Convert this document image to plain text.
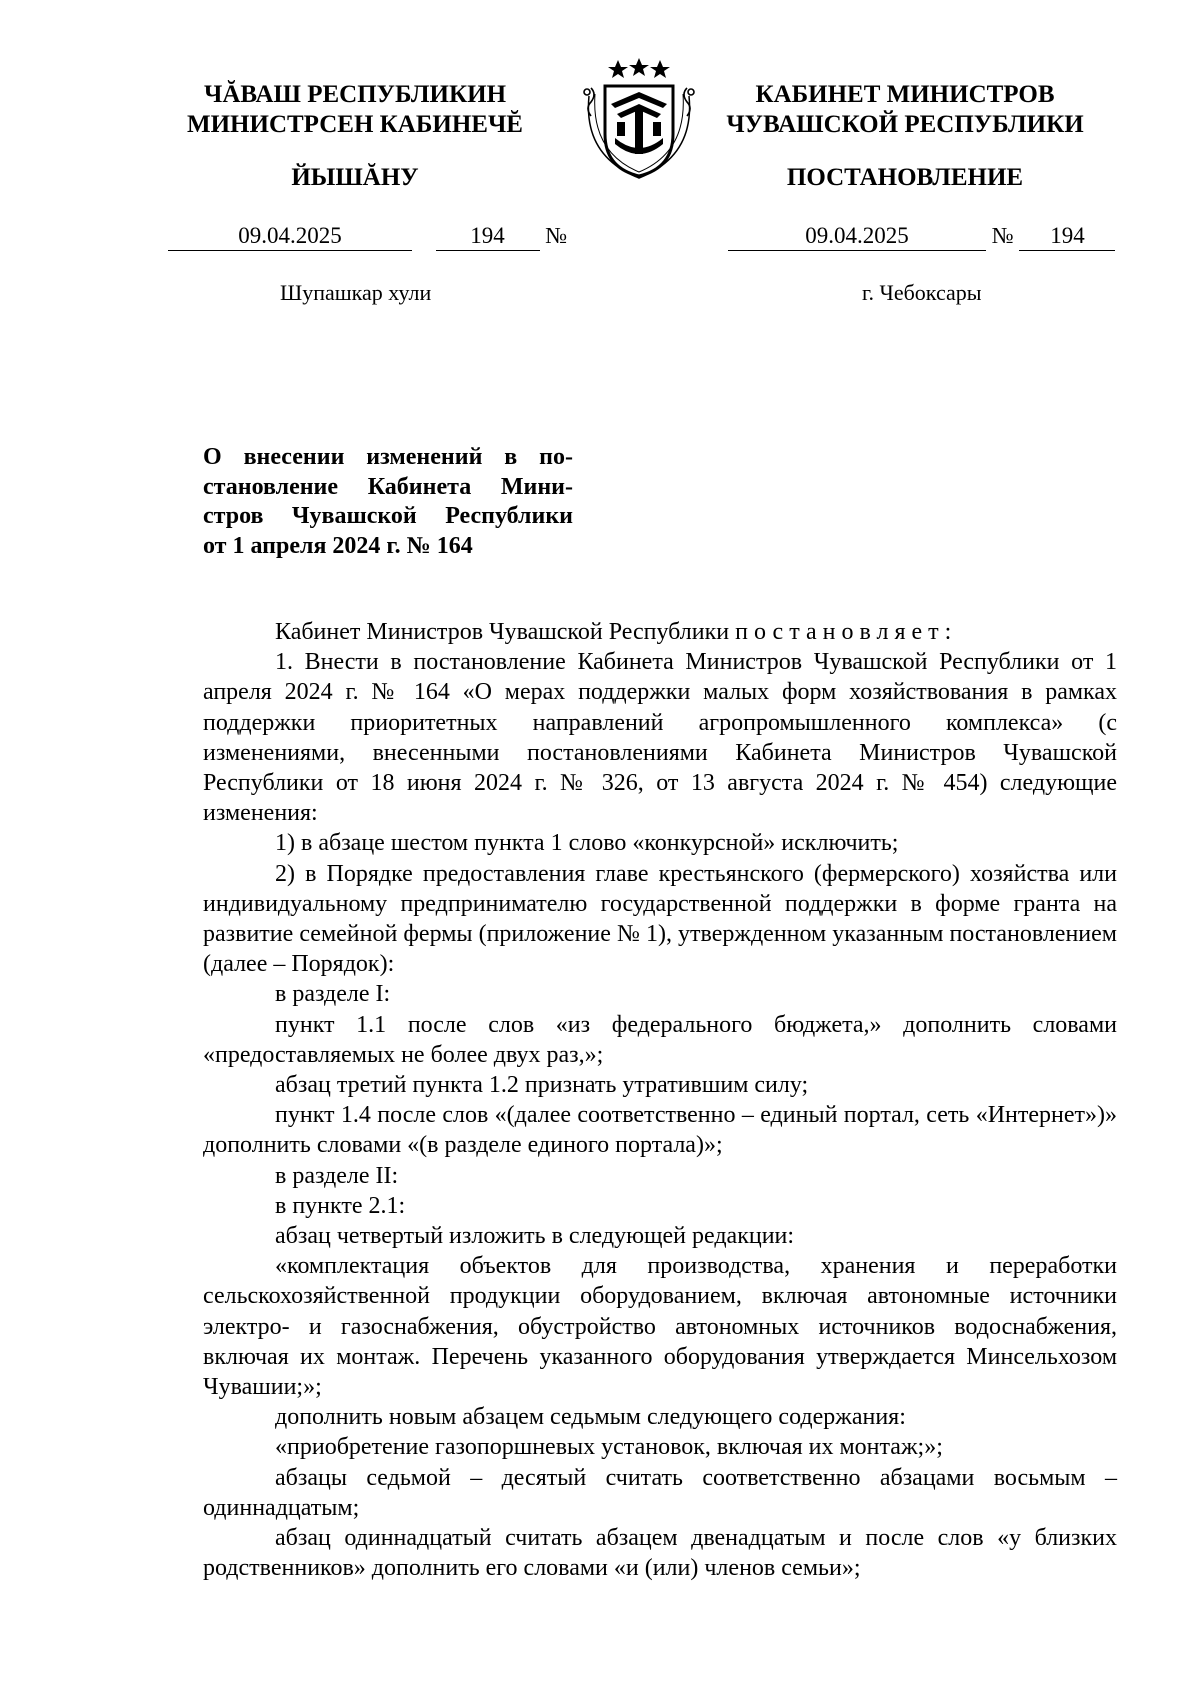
ЧĂВАШ РЕСПУБЛИКИН
МИНИСТРСЕН КАБИНЕЧĔ
ЙЫШĂНУ
КАБИНЕТ МИНИСТРОВ
ЧУВАШСКОЙ РЕСПУБЛИКИ
ПОСТАНОВЛЕНИЕ
09.04.2025	194 №	09.04.2025	№ 194
Шупашкар хули	г. Чебоксары
О внесении изменений в по-
становление Кабинета Мини-
стров Чувашской Республики
от 1 апреля 2024 г. № 164

Кабинет Министров Чувашской Республики постановляет:

1. Внести в постановление Кабинета Министров Чувашской Республики от 1 апреля 2024 г. № 164 «О мерах поддержки малых форм хозяйствования в рамках поддержки приоритетных направлений агропромышленного комплекса» (с изменениями, внесенными постановлениями Кабинета Министров Чувашской Республики от 18 июня 2024 г. № 326, от 13 августа 2024 г. № 454) следующие изменения:

1) в абзаце шестом пункта 1 слово «конкурсной» исключить;

2) в Порядке предоставления главе крестьянского (фермерского) хозяйства или индивидуальному предпринимателю государственной поддержки в форме гранта на развитие семейной фермы (приложение № 1), утвержденном указанным постановлением (далее – Порядок):

в разделе I:

пункт 1.1 после слов «из федерального бюджета,» дополнить словами «предоставляемых не более двух раз,»;

абзац третий пункта 1.2 признать утратившим силу;

пункт 1.4 после слов «(далее соответственно – единый портал, сеть «Интернет»)» дополнить словами «(в разделе единого портала)»;

в разделе II:

в пункте 2.1:

абзац четвертый изложить в следующей редакции:

«комплектация объектов для производства, хранения и переработки сельскохозяйственной продукции оборудованием, включая автономные источники электро- и газоснабжения, обустройство автономных источников водоснабжения, включая их монтаж. Перечень указанного оборудования утверждается Минсельхозом Чувашии;»;

дополнить новым абзацем седьмым следующего содержания:

«приобретение газопоршневых установок, включая их монтаж;»;

абзацы седьмой – десятый считать соответственно абзацами восьмым – одиннадцатым;

абзац одиннадцатый считать абзацем двенадцатым и после слов «у близких родственников» дополнить его словами «и (или) членов семьи»;
